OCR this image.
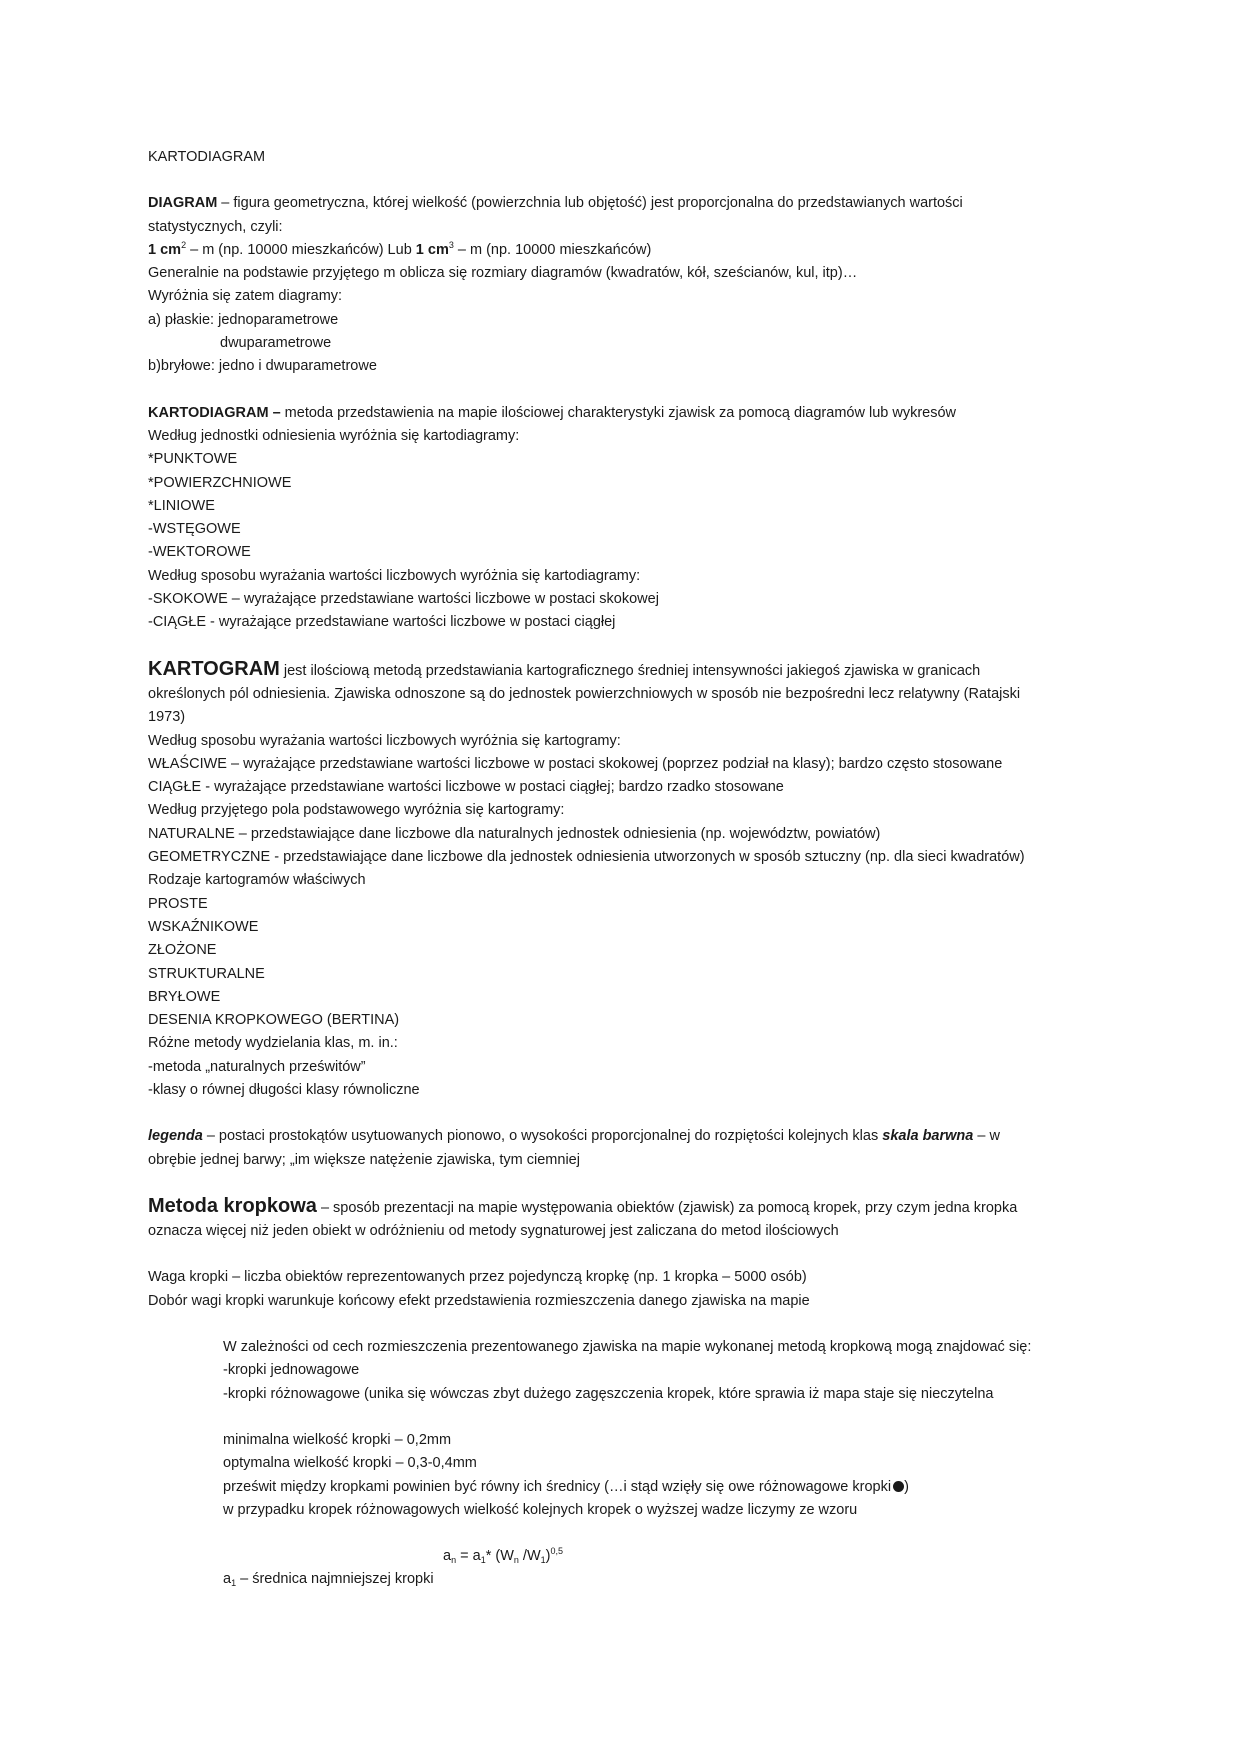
KARTODIAGRAM
DIAGRAM – figura geometryczna, której wielkość (powierzchnia lub objętość) jest proporcjonalna do przedstawianych wartości
statystycznych, czyli:
1 $cm^2$ – m (np. 10000 mieszkańców) Lub 1 $cm^3$ – m (np. 10000 mieszkańców)
Generalnie na podstawie przyjętego m oblicza się rozmiary diagramów (kwadratów, kół, sześcianów, kul, itp)…
Wyróżnia się zatem diagramy:
a) płaskie: jednoparametrowe
dwuparametrowe
b)bryłowe: jedno i dwuparametrowe
KARTODIAGRAM – metoda przedstawienia na mapie ilościowej charakterystyki zjawisk za pomocą diagramów lub wykresów
Według jednostki odniesienia wyróżnia się kartodiagramy:
*PUNKTOWE
*POWIERZCHNIOWE
*LINIOWE
-WSTĘGOWE
-WEKTOROWE
Według sposobu wyrażania wartości liczbowych wyróżnia się kartodiagramy:
-SKOKOWE – wyrażające przedstawiane wartości liczbowe w postaci skokowej
-CIĄGŁE - wyrażające przedstawiane wartości liczbowe w postaci ciągłej
KARTOGRAM jest ilościową metodą przedstawiania kartograficznego średniej intensywności jakiegoś zjawiska w granicach
określonych pól odniesienia. Zjawiska odnoszone są do jednostek powierzchniowych w sposób nie bezpośredni lecz relatywny (Ratajski
1973)
Według sposobu wyrażania wartości liczbowych wyróżnia się kartogramy:
WŁAŚCIWE – wyrażające przedstawiane wartości liczbowe w postaci skokowej (poprzez podział na klasy); bardzo często stosowane
CIĄGŁE - wyrażające przedstawiane wartości liczbowe w postaci ciągłej; bardzo rzadko stosowane
Według przyjętego pola podstawowego wyróżnia się kartogramy:
NATURALNE – przedstawiające dane liczbowe dla naturalnych jednostek odniesienia (np. województw, powiatów)
GEOMETRYCZNE - przedstawiające dane liczbowe dla jednostek odniesienia utworzonych w sposób sztuczny (np. dla sieci kwadratów)
Rodzaje kartogramów właściwych
PROSTE
WSKAŹNIKOWE
ZŁOŻONE
STRUKTURALNE
BRYŁOWE
DESENIA KROPKOWEGO (BERTINA)
Różne metody wydzielania klas, m. in.:
-metoda „naturalnych prześwitów”
-klasy o równej długości klasy równoliczne
legenda – postaci prostokątów usytuowanych pionowo, o wysokości proporcjonalnej do rozpiętości kolejnych klas skala barwna – w
obrębie jednej barwy; „im większe natężenie zjawiska, tym ciemniej
Metoda kropkowa – sposób prezentacji na mapie występowania obiektów (zjawisk) za pomocą kropek, przy czym jedna kropka
oznacza więcej niż jeden obiekt w odróżnieniu od metody sygnaturowej jest zaliczana do metod ilościowych
Waga kropki – liczba obiektów reprezentowanych przez pojedynczą kropkę (np. 1 kropka – 5000 osób)
Dobór wagi kropki warunkuje końcowy efekt przedstawienia rozmieszczenia danego zjawiska na mapie
W zależności od cech rozmieszczenia prezentowanego zjawiska na mapie wykonanej metodą kropkową mogą znajdować się:
-kropki jednowagowe
-kropki różnowagowe (unika się wówczas zbyt dużego zagęszczenia kropek, które sprawia iż mapa staje się nieczytelna
minimalna wielkość kropki – 0,2mm
optymalna wielkość kropki – 0,3-0,4mm
prześwit między kropkami powinien być równy ich średnicy (…i stąd wzięły się owe różnowagowe kropki )
w przypadku kropek różnowagowych wielkość kolejnych kropek o wyższej wadze liczymy ze wzoru
$a_n = a_1*$ ($W_n$ $/W_1)^{0,5}$
$a_1$ – średnica najmniejszej kropki
